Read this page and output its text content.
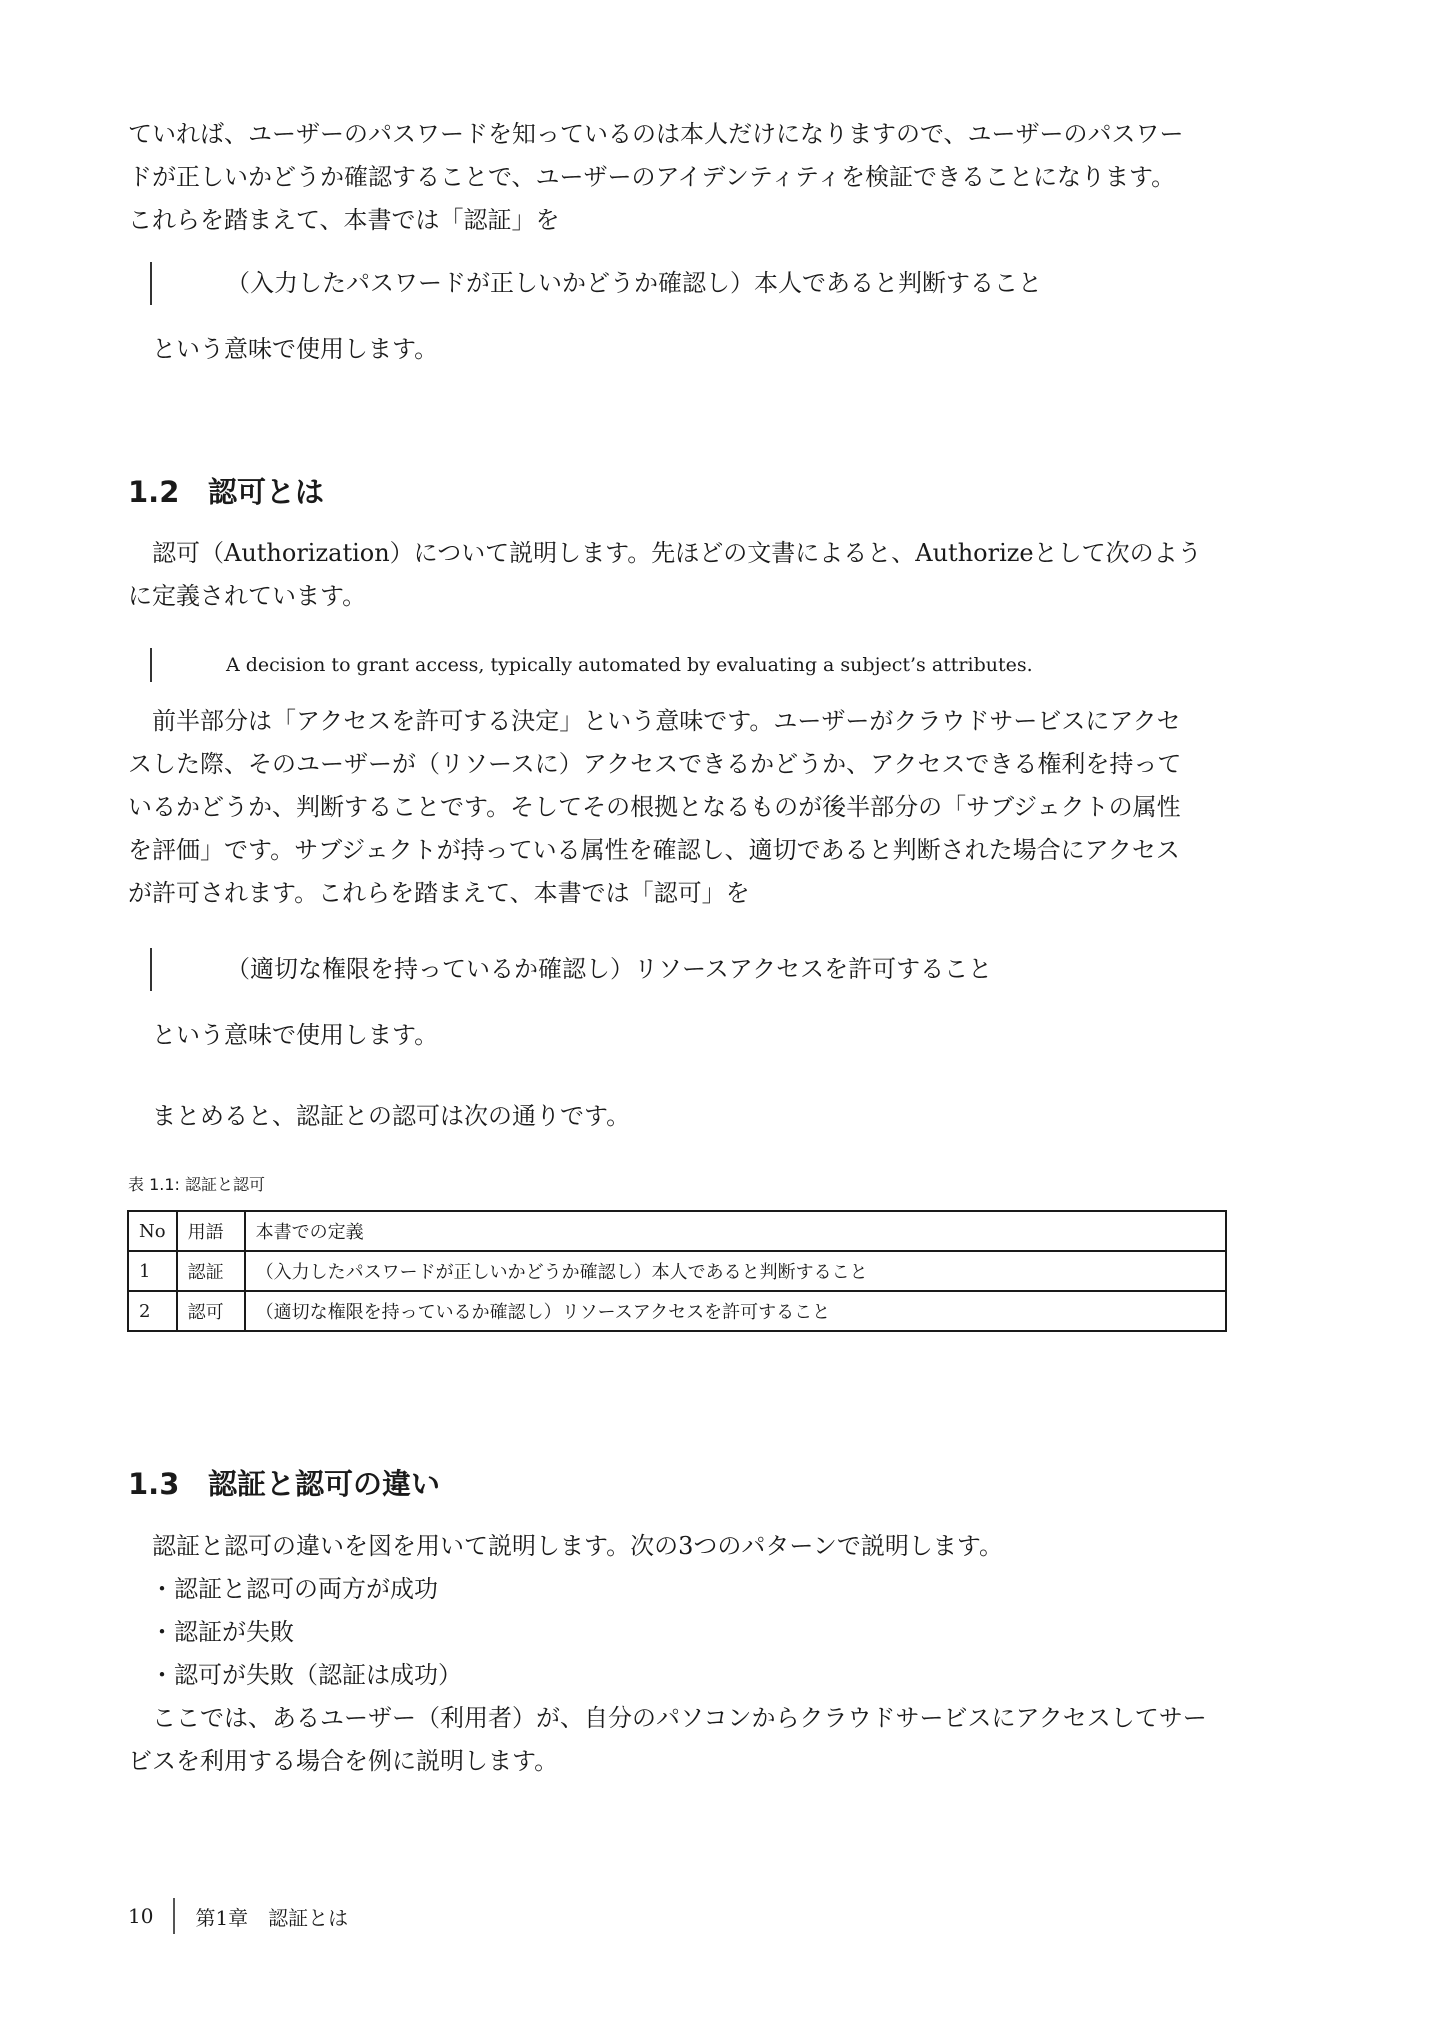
ていれば、ユーザーのパスワードを知っているのは本人だけになりますので、ユーザーのパスワー
ドが正しいかどうか確認することで、ユーザーのアイデンティティを検証できることになります。
これらを踏まえて、本書では「認証」を

（入力したパスワードが正しいかどうか確認し）本人であると判断すること

という意味で使用します。

1.2 認可とは

認可（Authorization）について説明します。先ほどの文書によると、Authorizeとして次のよう
に定義されています。

A decision to grant access, typically automated by evaluating a subject’s attributes.

前半部分は「アクセスを許可する決定」という意味です。ユーザーがクラウドサービスにアクセ
スした際、そのユーザーが（リソースに）アクセスできるかどうか、アクセスできる権利を持って
いるかどうか、判断することです。そしてその根拠となるものが後半部分の「サブジェクトの属性
を評価」です。サブジェクトが持っている属性を確認し、適切であると判断された場合にアクセス
が許可されます。これらを踏まえて、本書では「認可」を

（適切な権限を持っているか確認し）リソースアクセスを許可すること

という意味で使用します。

まとめると、認証との認可は次の通りです。

表 1.1: 認証と認可
No	用語	本書での定義
1	認証	（入力したパスワードが正しいかどうか確認し）本人であると判断すること
2	認可	（適切な権限を持っているか確認し）リソースアクセスを許可すること
1.3 認証と認可の違い

認証と認可の違いを図を用いて説明します。次の3つのパターンで説明します。

・認証と認可の両方が成功
・認証が失敗
・認可が失敗（認証は成功）

ここでは、あるユーザー（利用者）が、自分のパソコンからクラウドサービスにアクセスしてサー
ビスを利用する場合を例に説明します。

10 第1章　認証とは
